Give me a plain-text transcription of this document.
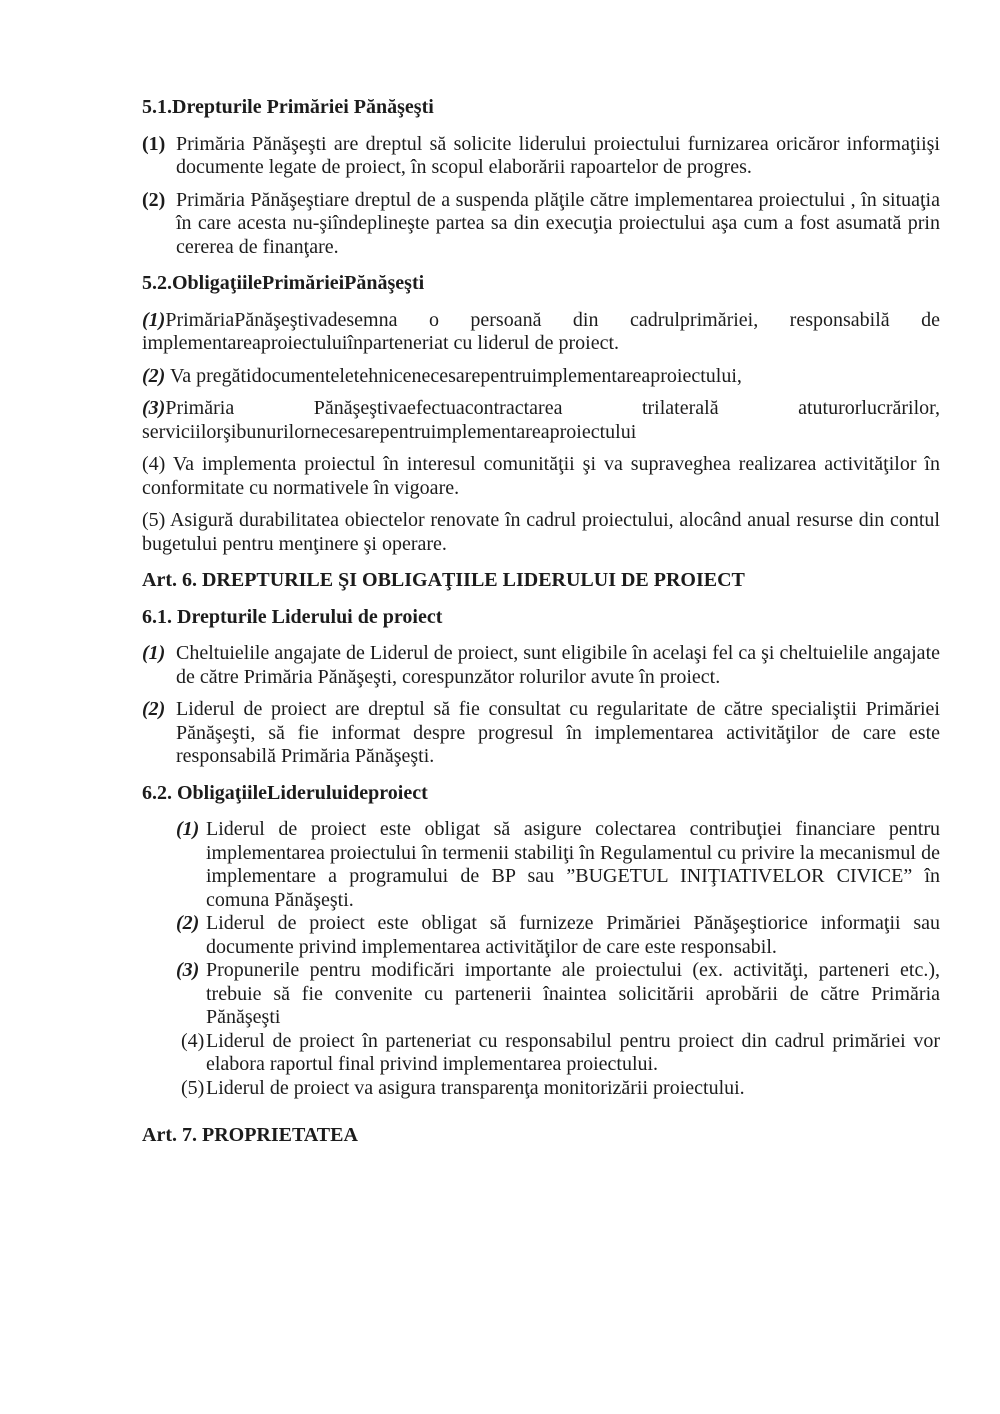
5.1.Drepturile Primăriei Pănăşeşti

(1) Primăria Pănăşeşti are dreptul să solicite liderului proiectului furnizarea oricăror informaţiişi documente legate de proiect, în scopul elaborării rapoartelor de progres.

(2) Primăria Pănăşeştiare dreptul de a suspenda plăţile către implementarea proiectului , în situaţia în care acesta nu-şiîndeplineşte partea sa din execuţia proiectului aşa cum a fost asumată prin cererea de finanţare.

5.2.ObligaţiilePrimărieiPănăşeşti

(1)PrimăriaPănăşeştivadesemna o persoană din cadrulprimăriei, responsabilă de implementareaproiectuluiînparteneriat cu liderul de proiect.

(2) Va pregătidocumenteletehnicenecesarepentruimplementareaproiectului,

(3)Primăria Pănăşeştivaefectuacontractarea trilaterală atuturorlucrărilor, serviciilorşibunurilornecesarepentruimplementareaproiectului

(4) Va implementa proiectul în interesul comunităţii şi va supraveghea realizarea activităţilor în conformitate cu normativele în vigoare.

(5) Asigură durabilitatea obiectelor renovate în cadrul proiectului, alocând anual resurse din contul bugetului pentru menţinere şi operare.

Art. 6. DREPTURILE ŞI OBLIGAŢIILE LIDERULUI DE PROIECT

6.1. Drepturile Liderului de proiect

(1) Cheltuielile angajate de Liderul de proiect, sunt eligibile în acelaşi fel ca şi cheltuielile angajate de către Primăria Pănăşeşti, corespunzător rolurilor avute în proiect.

(2) Liderul de proiect are dreptul să fie consultat cu regularitate de către specialiştii Primăriei Pănăşeşti, să fie informat despre progresul în implementarea activităţilor de care este responsabilă Primăria Pănăşeşti.

6.2. ObligaţiileLideruluideproiect

(1) Liderul de proiect este obligat să asigure colectarea contribuţiei financiare pentru implementarea proiectului în termenii stabiliţi în Regulamentul cu privire la mecanismul de implementare a programului de BP sau ”BUGETUL INIŢIATIVELOR CIVICE” în comuna Pănăşeşti.

(2) Liderul de proiect este obligat să furnizeze Primăriei Pănăşeştiorice informaţii sau documente privind implementarea activităţilor de care este responsabil.

(3) Propunerile pentru modificări importante ale proiectului (ex. activităţi, parteneri etc.), trebuie să fie convenite cu partenerii înaintea solicitării aprobării de către Primăria Pănăşeşti

(4)Liderul de proiect în parteneriat cu responsabilul pentru proiect din cadrul primăriei vor elabora raportul final privind implementarea proiectului.

(5)Liderul de proiect va asigura transparenţa monitorizării proiectului.

Art. 7. PROPRIETATEA
